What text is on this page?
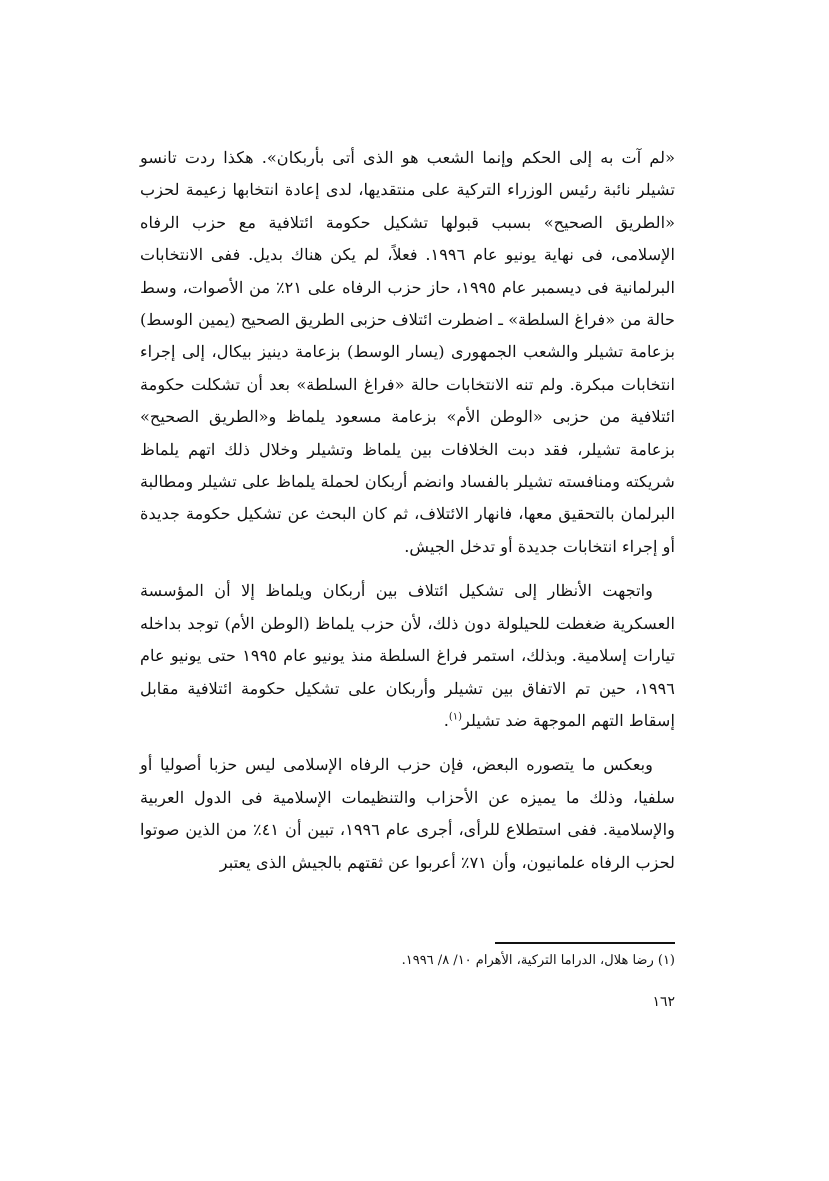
«لم آت به إلى الحكم وإنما الشعب هو الذى أتى بأربكان». هكذا ردت تانسو تشيلر نائبة رئيس الوزراء التركية على منتقديها، لدى إعادة انتخابها زعيمة لحزب «الطريق الصحيح» بسبب قبولها تشكيل حكومة ائتلافية مع حزب الرفاه الإسلامى، فى نهاية يونيو عام ١٩٩٦. فعلاً، لم يكن هناك بديل. ففى الانتخابات البرلمانية فى ديسمبر عام ١٩٩٥، حاز حزب الرفاه على ٢١٪ من الأصوات، وسط حالة من «فراغ السلطة» ـ اضطرت ائتلاف حزبى الطريق الصحيح (يمين الوسط) بزعامة تشيلر والشعب الجمهورى (يسار الوسط) بزعامة دينيز بيكال، إلى إجراء انتخابات مبكرة. ولم تنه الانتخابات حالة «فراغ السلطة» بعد أن تشكلت حكومة ائتلافية من حزبى «الوطن الأم» بزعامة مسعود يلماظ و«الطريق الصحيح» بزعامة تشيلر، فقد دبت الخلافات بين يلماظ وتشيلر وخلال ذلك اتهم يلماظ شريكته ومنافسته تشيلر بالفساد وانضم أربكان لحملة يلماظ على تشيلر ومطالبة البرلمان بالتحقيق معها، فانهار الائتلاف، ثم كان البحث عن تشكيل حكومة جديدة أو إجراء انتخابات جديدة أو تدخل الجيش.

واتجهت الأنظار إلى تشكيل ائتلاف بين أربكان ويلماظ إلا أن المؤسسة العسكرية ضغطت للحيلولة دون ذلك، لأن حزب يلماظ (الوطن الأم) توجد بداخله تيارات إسلامية. وبذلك، استمر فراغ السلطة منذ يونيو عام ١٩٩٥ حتى يونيو عام ١٩٩٦، حين تم الاتفاق بين تشيلر وأربكان على تشكيل حكومة ائتلافية مقابل إسقاط التهم الموجهة ضد تشيلر$^{(١)}$.

وبعكس ما يتصوره البعض، فإن حزب الرفاه الإسلامى ليس حزبا أصوليا أو سلفيا، وذلك ما يميزه عن الأحزاب والتنظيمات الإسلامية فى الدول العربية والإسلامية. ففى استطلاع للرأى، أجرى عام ١٩٩٦، تبين أن ٤١٪ من الذين صوتوا لحزب الرفاه علمانيون، وأن ٧١٪ أعربوا عن ثقتهم بالجيش الذى يعتبر

(١) رضا هلال، الدراما التركية، الأهرام ١٠/ ٨/ ١٩٩٦.

١٦٢
